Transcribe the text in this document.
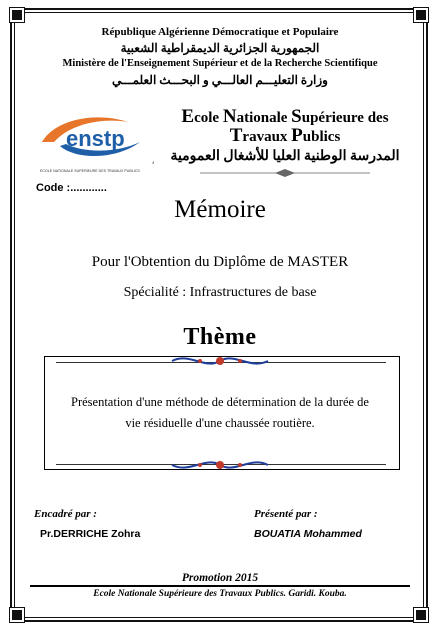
République Algérienne Démocratique et Populaire
الجمهورية الجزائرية الديمقراطية الشعبية
Ministère de l'Enseignement Supérieur et de la Recherche Scientifique
وزارة التعليـــم العالـــي و البحـــث العلمـــي
enstp
ة
ECOLE NATIONALE SUPERIEURE DES TRAVAUX PUBLICS
Ecole Nationale Supérieure des
Travaux Publics
المدرسة الوطنية العليا للأشغال العمومية
Code :............
Mémoire
Pour l'Obtention du Diplôme de MASTER
Spécialité : Infrastructures de base
Thème
Présentation d'une méthode de détermination de la durée de
vie résiduelle d'une chaussée routière.
Encadré par :
Pr.DERRICHE Zohra
Présenté par :
BOUATIA Mohammed
Promotion 2015
Ecole Nationale Supérieure des Travaux Publics. Garidi. Kouba.
